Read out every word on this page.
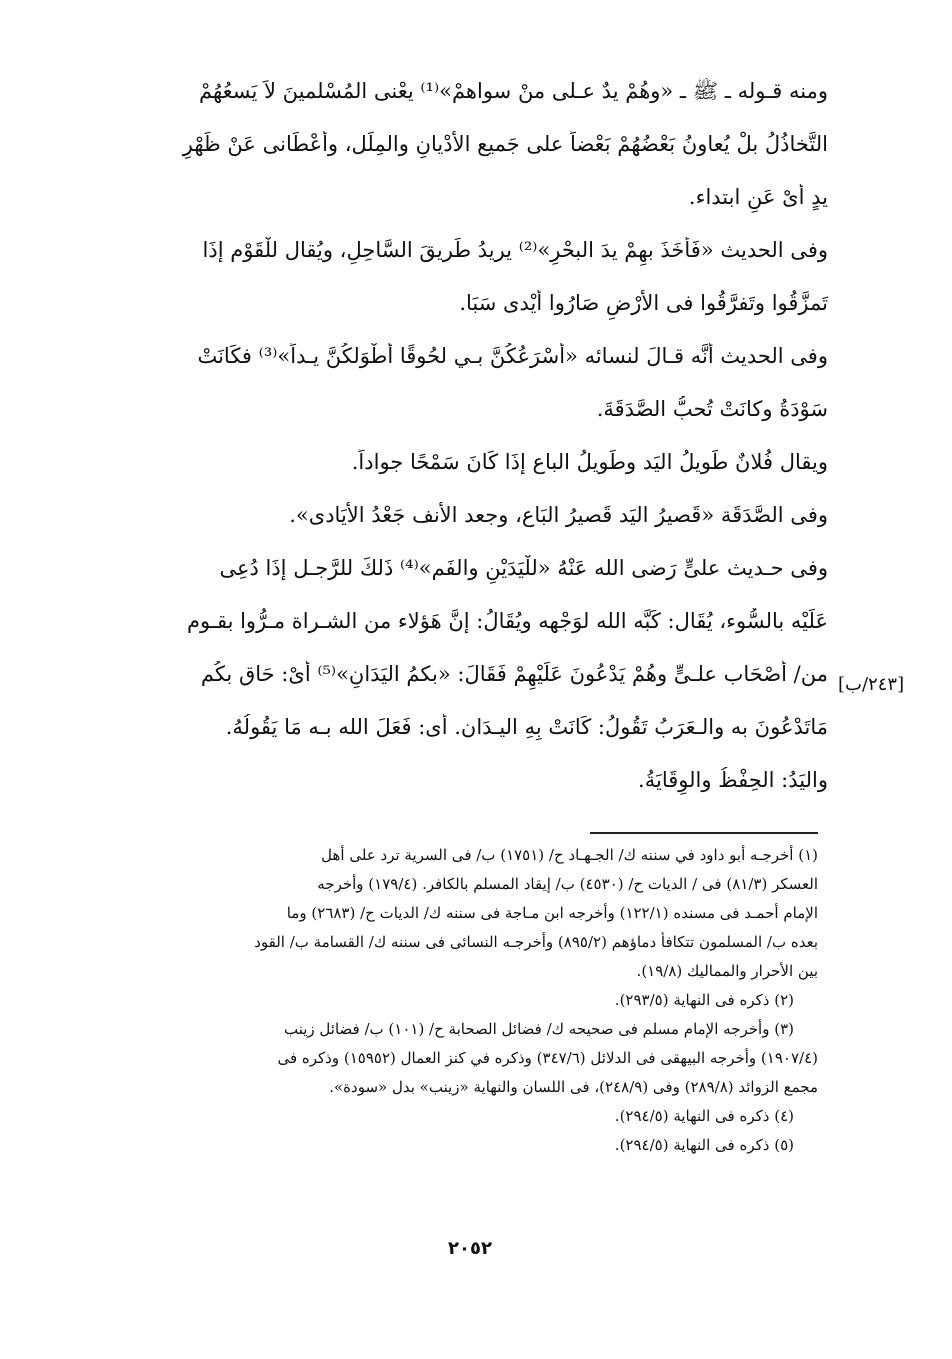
ومنه قـوله ـ ﷺ ـ «وهُمْ يدٌ عـلى منْ سواهمْ»⁽¹⁾ يعْنى المُسْلمينَ لاَ يَسعُهُمْ
التَّخاذُلُ بلْ يُعاونُ بَعْضُهُمْ بَعْضاً على جَميع الأدْيانِ والمِلَل، وأعْطَانى عَنْ ظَهْرِ
يدٍ أىْ عَنِ ابتداء.
وفى الحديث «فَأَخَذَ بهِمْ يدَ البحْرِ»⁽²⁾ يريدُ طَريقَ السَّاحِلِ، ويُقال للْقَوْم إذَا
تَمزَّقُوا وتَفرَّقُوا فى الأرْضِ صَارُوا أَيْدى سَبَا.
وفى الحديث أنَّه قـالَ لنسائه «أَسْرَعُكُنَّ بـي لحُوقًا أَطْوَلكُنَّ يـداً»⁽³⁾ فكَانَتْ
سَوْدَةُ وكانَتْ تُحبُّ الصَّدَقَةَ.
ويقال فُلانٌ طَويلُ اليَد وطَويلُ الباع إذَا كَانَ سَمْحًا جواداً.
وفى الصَّدَقَة «قَصيرُ اليَد قَصيرُ البَاع، وجعد الأنف جَعْدُ الأيَادى».
وفى حـديث علىٍّ رَضى الله عَنْهُ «للْيَدَيْنِ والفَم»⁽⁴⁾ ذَلكَ للرَّجـل إذَا دُعِى
عَلَيْه بالسُّوء، يُقَال: كَبَّه الله لوَجْهه ويُقَالُ: إنَّ هَؤلاء من الشـراة مـرُّوا بقـوم
من/ أَصْحَاب علـىٍّ وهُمْ يَدْعُونَ عَلَيْهِمْ فَقَالَ: «بكمُ اليَدَانِ»⁽⁵⁾ أىْ: حَاق بكُم
مَاتَدْعُونَ به والـعَرَبُ تَقُولُ: كَانَتْ بِهِ اليـدَان. أى: فَعَلَ الله بـه مَا يَقُولُهُ.
واليَدُ: الحِفْظُ والوِقَايَةُ.
[٢٤٣/ب]
(١) أخرجـه أبو داود في سننه ك/ الجـهـاد ح/ (١٧٥١) ب/ فى السرية ترد على أهل
العسكر (٨١/٣) فى / الديات ح/ (٤٥٣٠) ب/ إيقاد المسلم بالكافر. (١٧٩/٤) وأخرجه
الإمام أحمـد فى مسنده (١٢٢/١) وأخرجه ابن مـاجة فى سننه ك/ الديات ح/ (٢٦٨٣) وما
بعده ب/ المسلمون تتكافأ دماؤهم (٨٩٥/٢) وأخرجـه النسائى فى سننه ك/ القسامة ب/ القود
بين الأحرار والمماليك (١٩/٨).
(٢) ذكره فى النهاية (٢٩٣/٥).
(٣) وأخرجه الإمام مسلم فى صحيحه ك/ فضائل الصحابة ح/ (١٠١) ب/ فضائل زينب
(١٩٠٧/٤) وأخرجه البيهقى فى الدلائل (٣٤٧/٦) وذكره في كنز العمال (١٥٩٥٢) وذكره فى
مجمع الزوائد (٢٨٩/٨) وفى (٢٤٨/٩)، فى اللسان والنهاية «زينب» بدل «سودة».
(٤) ذكره فى النهاية (٢٩٤/٥).
(٥) ذكره فى النهاية (٢٩٤/٥).
٢٠٥٢
